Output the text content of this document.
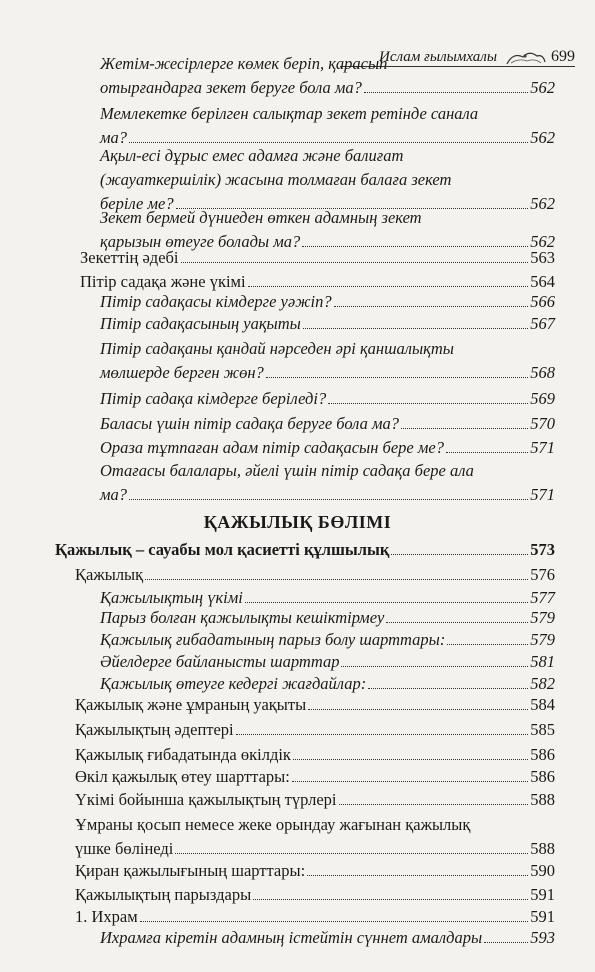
Ислам ғылымхалы	699
ҚАЖЫЛЫҚ БӨЛІМІ
Жетім-жесірлерге көмек беріп, қарасып
отырғандарға зекет беруге бола ма?	562
Мемлекетке берілген салықтар зекет ретінде санала
ма?	562
Ақыл-есі дұрыс емес адамға және балиғат
(жауаткершілік) жасына толмаған балаға зекет
беріле ме?	562
Зекет бермей дүниеден өткен адамның зекет
қарызын өтеуге болады ма?	562
Зекеттің әдебі	563
Пітір садақа және үкімі	564
Пітір садақасы кімдерге уәжіп?	566
Пітір садақасының уақыты	567
Пітір садақаны қандай нәрседен әрі қаншалықты
мөлшерде берген жөн?	568
Пітір садақа кімдерге беріледі?	569
Баласы үшін пітір садақа беруге бола ма?	570
Ораза тұтпаған адам пітір садақасын бере ме?	571
Отағасы балалары, әйелі үшін пітір садақа бере ала
ма?	571
Қажылық – сауабы мол қасиетті құлшылық	573
Қажылық	576
Қажылықтың үкімі	577
Парыз болған қажылықты кешіктірмеу	579
Қажылық ғибадатының парыз болу шарттары:	579
Әйелдерге байланысты шарттар	581
Қажылық өтеуге кедергі жағдайлар:	582
Қажылық және ұмраның уақыты	584
Қажылықтың әдептері	585
Қажылық ғибадатында өкілдік	586
Өкіл қажылық өтеу шарттары:	586
Үкімі бойынша қажылықтың түрлері	588
Ұмраны қосып немесе жеке орындау жағынан қажылық
үшке бөлінеді	588
Қиран қажылығының шарттары:	590
Қажылықтың парыздары	591
1. Ихрам	591
Ихрамға кіретін адамның істейтін сүннет амалдары	593
